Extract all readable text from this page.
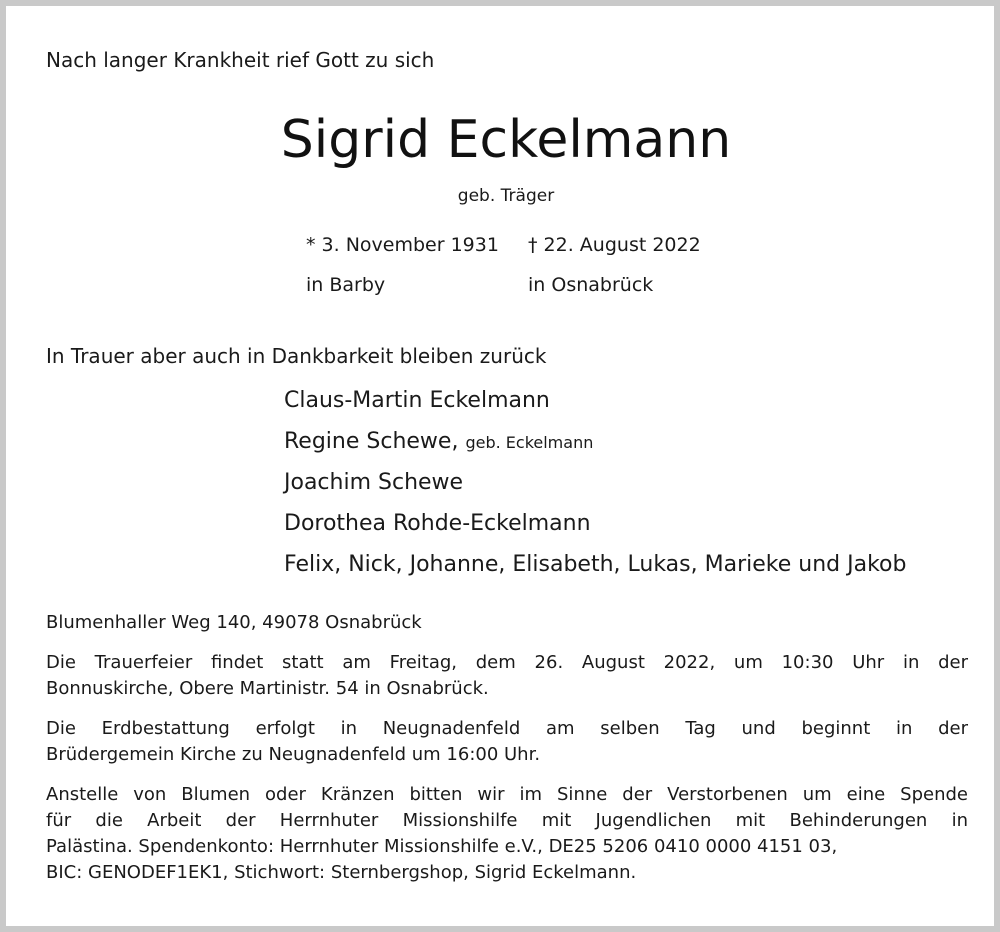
Nach langer Krankheit rief Gott zu sich
Sigrid Eckelmann
geb. Träger
* 3. November 1931 † 22. August 2022
in Barby	in Osnabrück
In Trauer aber auch in Dankbarkeit bleiben zurück
Claus-Martin Eckelmann
Regine Schewe, geb. Eckelmann
Joachim Schewe
Dorothea Rohde-Eckelmann
Felix, Nick, Johanne, Elisabeth, Lukas, Marieke und Jakob
Blumenhaller Weg 140, 49078 Osnabrück
Die Trauerfeier findet statt am Freitag, dem 26. August 2022, um 10:30 Uhr in der
Bonnuskirche, Obere Martinistr. 54 in Osnabrück.
Die Erdbestattung erfolgt in Neugnadenfeld am selben Tag und beginnt in der
Brüdergemein Kirche zu Neugnadenfeld um 16:00 Uhr.
Anstelle von Blumen oder Kränzen bitten wir im Sinne der Verstorbenen um eine Spende
für die Arbeit der Herrnhuter Missionshilfe mit Jugendlichen mit Behinderungen in
Palästina. Spendenkonto: Herrnhuter Missionshilfe e.V., DE25 5206 0410 0000 4151 03,
BIC: GENODEF1EK1, Stichwort: Sternbergshop, Sigrid Eckelmann.
